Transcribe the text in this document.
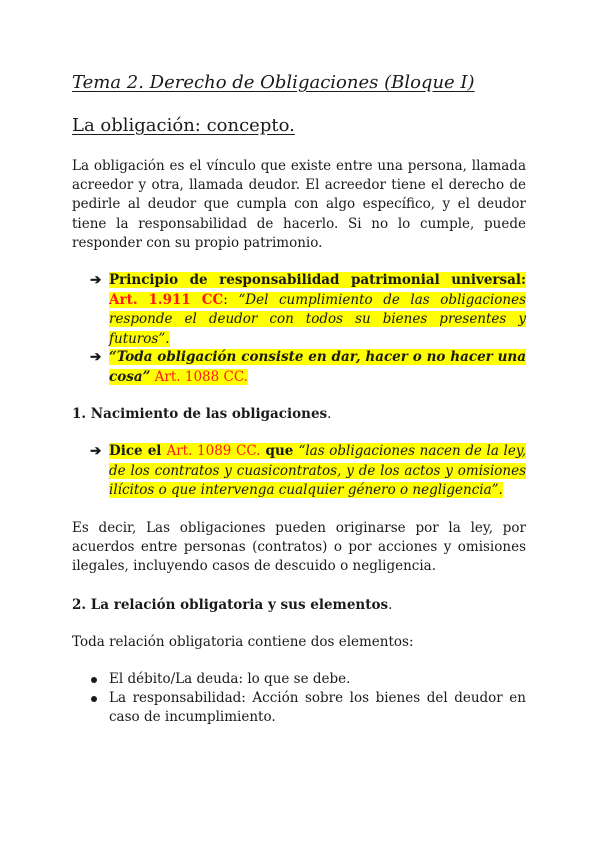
Tema 2. Derecho de Obligaciones (Bloque I)
La obligación: concepto.

La obligación es el vínculo que existe entre una persona, llamada acreedor y otra, llamada deudor. El acreedor tiene el derecho de pedirle al deudor que cumpla con algo específico, y el deudor tiene la responsabilidad de hacerlo. Si no lo cumple, puede responder con su propio patrimonio.

➔ Principio de responsabilidad patrimonial universal: Art. 1.911 CC: “Del cumplimiento de las obligaciones responde el deudor con todos su bienes presentes y futuros”.

➔ “Toda obligación consiste en dar, hacer o no hacer una cosa” Art. 1088 CC.

1. Nacimiento de las obligaciones.

➔ Dice el Art. 1089 CC. que “las obligaciones nacen de la ley, de los contratos y cuasicontratos, y de los actos y omisiones ilícitos o que intervenga cualquier género o negligencia”.

Es decir, Las obligaciones pueden originarse por la ley, por acuerdos entre personas (contratos) o por acciones y omisiones ilegales, incluyendo casos de descuido o negligencia.

2. La relación obligatoria y sus elementos.

Toda relación obligatoria contiene dos elementos:

El débito/La deuda: lo que se debe.
La responsabilidad: Acción sobre los bienes del deudor en caso de incumplimiento.
